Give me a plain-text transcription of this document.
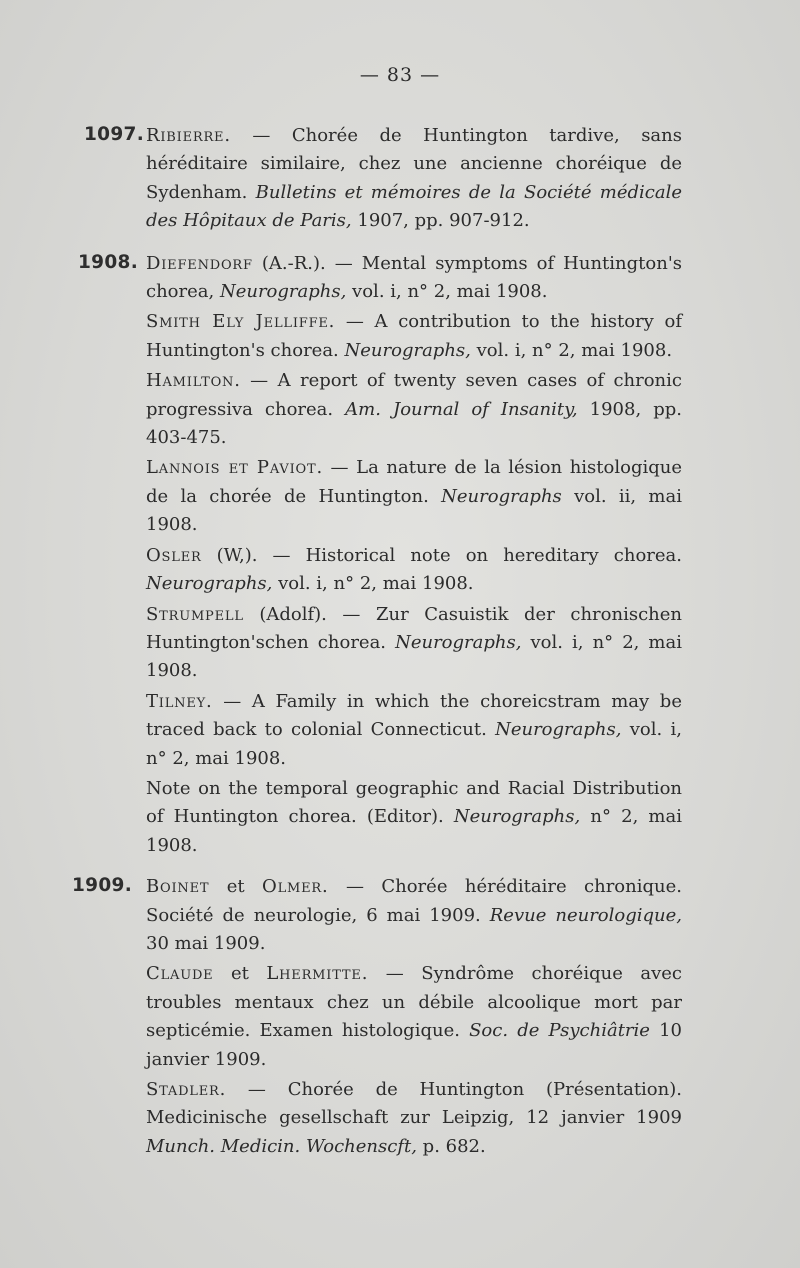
— 83 —
1097. Ribierre. — Chorée de Huntington tardive, sans héréditaire similaire, chez une ancienne choréique de Sydenham. Bulletins et mémoires de la Société médicale des Hôpitaux de Paris, 1907, pp. 907-912.

1908. Diefendorf (A.-R.). — Mental symptoms of Huntington's chorea, Neurographs, vol. i, n° 2, mai 1908.

Smith Ely Jelliffe. — A contribution to the history of Huntington's chorea. Neurographs, vol. i, n° 2, mai 1908.

Hamilton. — A report of twenty seven cases of chronic progressiva chorea. Am. Journal of Insanity, 1908, pp. 403-475.

Lannois et Paviot. — La nature de la lésion histologique de la chorée de Huntington. Neurographs vol. ii, mai 1908.

Osler (W,). — Historical note on hereditary chorea. Neurographs, vol. i, n° 2, mai 1908.

Strumpell (Adolf). — Zur Casuistik der chronischen Huntington'schen chorea. Neurographs, vol. i, n° 2, mai 1908.

Tilney. — A Family in which the choreicstram may be traced back to colonial Connecticut. Neurographs, vol. i, n° 2, mai 1908.

Note on the temporal geographic and Racial Distribution of Huntington chorea. (Editor). Neurographs, n° 2, mai 1908.

1909. Boinet et Olmer. — Chorée héréditaire chronique. Société de neurologie, 6 mai 1909. Revue neurologique, 30 mai 1909.

Claude et Lhermitte. — Syndrôme choréique avec troubles mentaux chez un débile alcoolique mort par septicémie. Examen histologique. Soc. de Psychiâtrie 10 janvier 1909.

Stadler. — Chorée de Huntington (Présentation). Medicinische gesellschaft zur Leipzig, 12 janvier 1909 Munch. Medicin. Wochenscft, p. 682.
